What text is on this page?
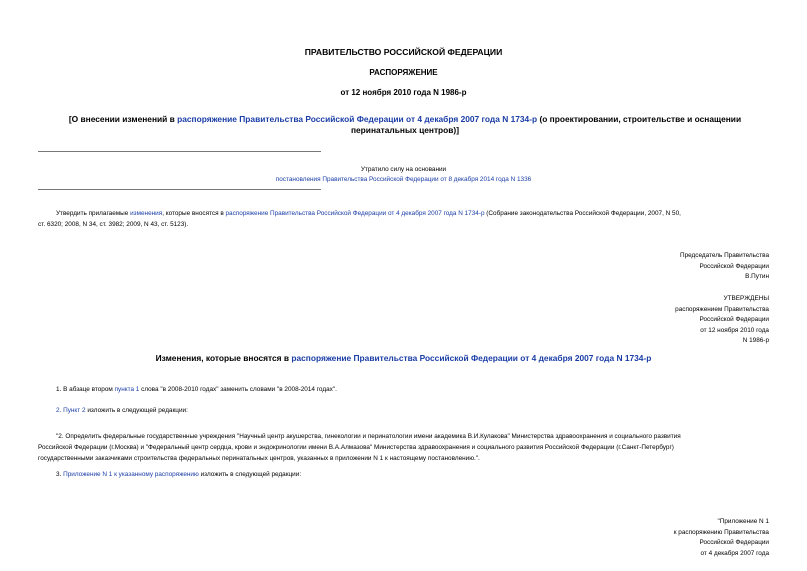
ПРАВИТЕЛЬСТВО РОССИЙСКОЙ ФЕДЕРАЦИИ
РАСПОРЯЖЕНИЕ
от 12 ноября 2010 года N 1986-р
[О внесении изменений в распоряжение Правительства Российской Федерации от 4 декабря 2007 года N 1734-р (о проектировании, строительстве и оснащении перинатальных центров)]
Утратило силу на основании
постановления Правительства Российской Федерации от 8 декабря 2014 года N 1336
Утвердить прилагаемые изменения, которые вносятся в распоряжение Правительства Российской Федерации от 4 декабря 2007 года N 1734-р (Собрание законодательства Российской Федерации, 2007, N 50,
ст. 6320; 2008, N 34, ст. 3982; 2009, N 43, ст. 5123).
Председатель Правительства
Российской Федерации
В.Путин
УТВЕРЖДЕНЫ
распоряжением Правительства
Российской Федерации
от 12 ноября 2010 года
N 1986-р
Изменения, которые вносятся в распоряжение Правительства Российской Федерации от 4 декабря 2007 года N 1734-р
1. В абзаце втором пункта 1 слова "в 2008-2010 годах" заменить словами "в 2008-2014 годах".
2. Пункт 2 изложить в следующей редакции:
"2. Определить федеральные государственные учреждения "Научный центр акушерства, гинекологии и перинатологии имени академика В.И.Кулакова" Министерства здравоохранения и социального развития
Российской Федерации (г.Москва) и "Федеральный центр сердца, крови и эндокринологии имени В.А.Алмазова" Министерства здравоохранения и социального развития Российской Федерации (г.Санкт-Петербург)
государственными заказчиками строительства федеральных перинатальных центров, указанных в приложении N 1 к настоящему постановлению.".
3. Приложение N 1 к указанному распоряжению изложить в следующей редакции:
"Приложение N 1
к распоряжению Правительства
Российской Федерации
от 4 декабря 2007 года
